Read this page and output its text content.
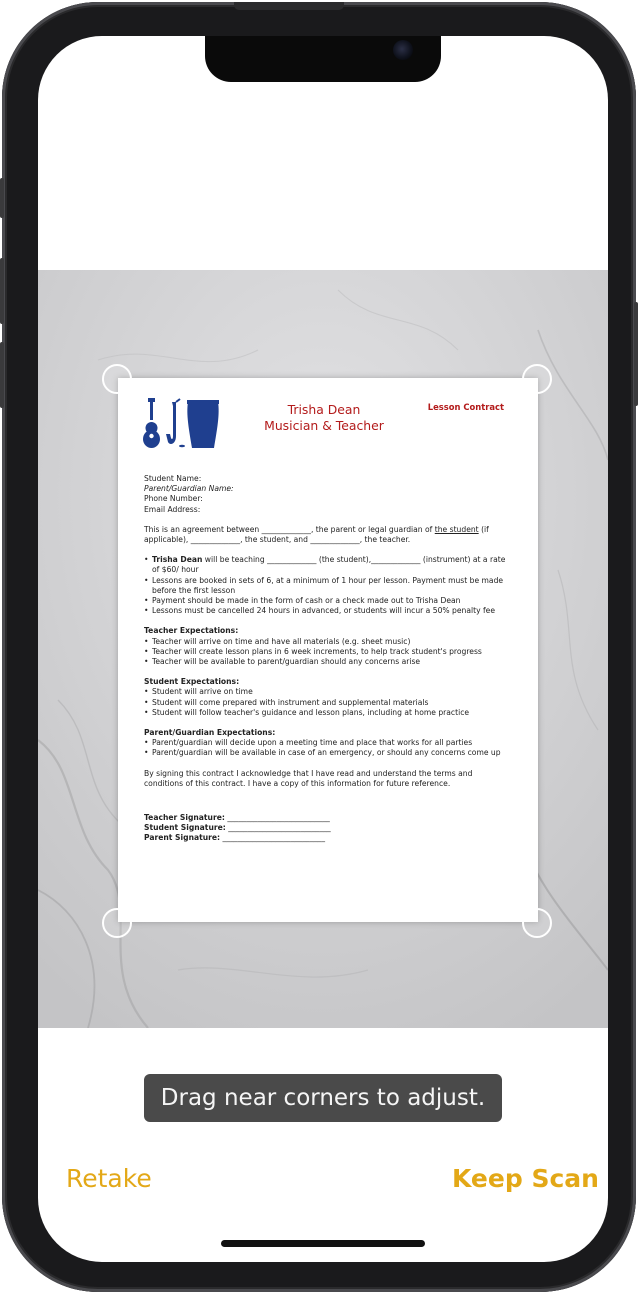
Trisha Dean
Musician & Teacher
Lesson Contract

Student Name:

Parent/Guardian Name:

Phone Number:

Email Address:

This is an agreement between _____________, the parent or legal guardian of the student (if applicable), _____________, the student, and _____________, the teacher.

• Trisha Dean will be teaching _____________ (the student),_____________ (instrument) at a rate of $60/ hour
• Lessons are booked in sets of 6, at a minimum of 1 hour per lesson. Payment must be made before the first lesson
• Payment should be made in the form of cash or a check made out to Trisha Dean
• Lessons must be cancelled 24 hours in advanced, or students will incur a 50% penalty fee

Teacher Expectations:

• Teacher will arrive on time and have all materials (e.g. sheet music)
• Teacher will create lesson plans in 6 week increments, to help track student's progress
• Teacher will be available to parent/guardian should any concerns arise

Student Expectations:

• Student will arrive on time
• Student will come prepared with instrument and supplemental materials
• Student will follow teacher's guidance and lesson plans, including at home practice

Parent/Guardian Expectations:

• Parent/guardian will decide upon a meeting time and place that works for all parties
• Parent/guardian will be available in case of an emergency, or should any concerns come up

By signing this contract I acknowledge that I have read and understand the terms and conditions of this contract. I have a copy of this information for future reference.

Teacher Signature: ___________________________

Student Signature: ___________________________

Parent Signature: ___________________________

Drag near corners to adjust.
Retake	Keep Scan
